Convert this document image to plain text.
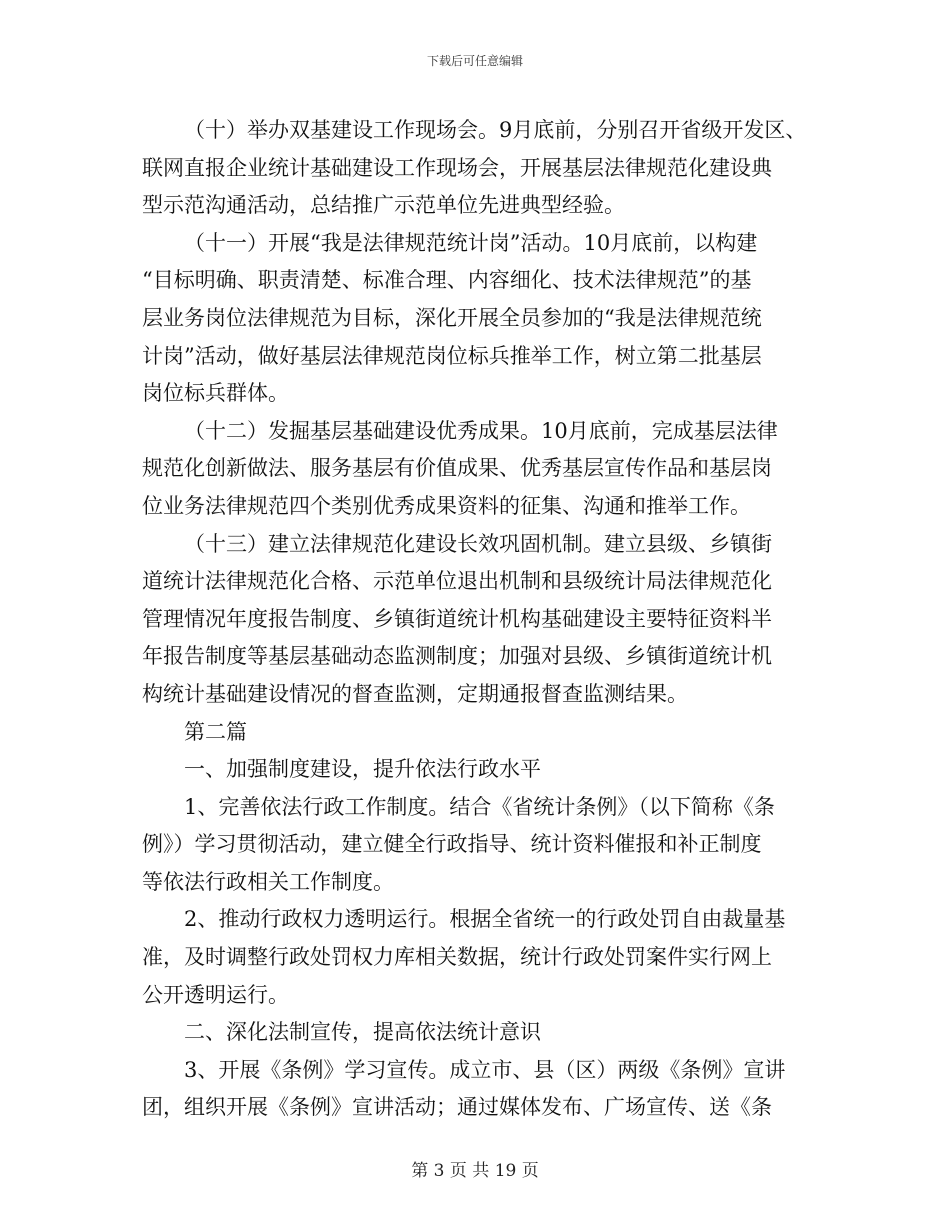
下载后可任意编辑
（十）举办双基建设工作现场会。9月底前，分别召开省级开发区、
联网直报企业统计基础建设工作现场会，开展基层法律规范化建设典
型示范沟通活动，总结推广示范单位先进典型经验。
（十一）开展“我是法律规范统计岗”活动。10月底前，以构建
“目标明确、职责清楚、标准合理、内容细化、技术法律规范”的基
层业务岗位法律规范为目标，深化开展全员参加的“我是法律规范统
计岗”活动，做好基层法律规范岗位标兵推举工作，树立第二批基层
岗位标兵群体。
（十二）发掘基层基础建设优秀成果。10月底前，完成基层法律
规范化创新做法、服务基层有价值成果、优秀基层宣传作品和基层岗
位业务法律规范四个类别优秀成果资料的征集、沟通和推举工作。
（十三）建立法律规范化建设长效巩固机制。建立县级、乡镇街
道统计法律规范化合格、示范单位退出机制和县级统计局法律规范化
管理情况年度报告制度、乡镇街道统计机构基础建设主要特征资料半
年报告制度等基层基础动态监测制度；加强对县级、乡镇街道统计机
构统计基础建设情况的督查监测，定期通报督查监测结果。
第二篇
一、加强制度建设，提升依法行政水平
1、完善依法行政工作制度。结合《省统计条例》（以下简称《条
例》）学习贯彻活动，建立健全行政指导、统计资料催报和补正制度
等依法行政相关工作制度。
2、推动行政权力透明运行。根据全省统一的行政处罚自由裁量基
准，及时调整行政处罚权力库相关数据，统计行政处罚案件实行网上
公开透明运行。
二、深化法制宣传，提高依法统计意识
3、开展《条例》学习宣传。成立市、县（区）两级《条例》宣讲
团，组织开展《条例》宣讲活动；通过媒体发布、广场宣传、送《条
第 3 页 共 19 页
